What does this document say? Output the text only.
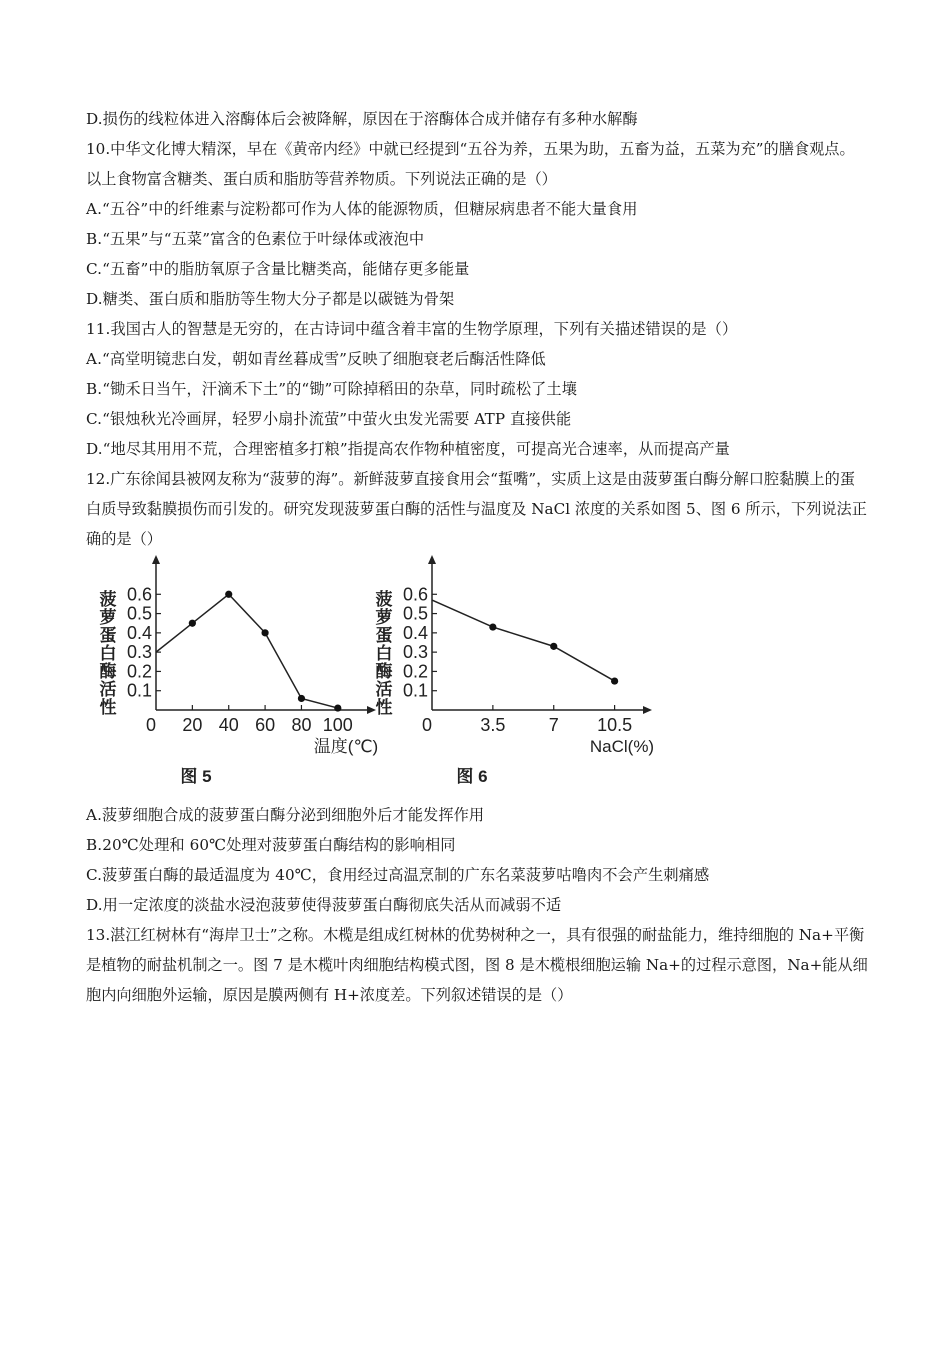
D.损伤的线粒体进入溶酶体后会被降解，原因在于溶酶体合成并储存有多种水解酶
10.中华文化博大精深，早在《黄帝内经》中就已经提到“五谷为养，五果为助，五畜为益，五菜为充”的膳食观点。以上食物富含糖类、蛋白质和脂肪等营养物质。下列说法正确的是（）
A.“五谷”中的纤维素与淀粉都可作为人体的能源物质，但糖尿病患者不能大量食用
B.“五果”与“五菜”富含的色素位于叶绿体或液泡中
C.“五畜”中的脂肪氧原子含量比糖类高，能储存更多能量
D.糖类、蛋白质和脂肪等生物大分子都是以碳链为骨架
11.我国古人的智慧是无穷的，在古诗词中蕴含着丰富的生物学原理，下列有关描述错误的是（）
A.“高堂明镜悲白发，朝如青丝暮成雪”反映了细胞衰老后酶活性降低
B.“锄禾日当午，汗滴禾下土”的“锄”可除掉稻田的杂草，同时疏松了土壤
C.“银烛秋光冷画屏，轻罗小扇扑流萤”中萤火虫发光需要 ATP 直接供能
D.“地尽其用用不荒，合理密植多打粮”指提高农作物种植密度，可提高光合速率，从而提高产量
12.广东徐闻县被网友称为“菠萝的海”。新鲜菠萝直接食用会“蜇嘴”，实质上这是由菠萝蛋白酶分解口腔黏膜上的蛋白质导致黏膜损伤而引发的。研究发现菠萝蛋白酶的活性与温度及 NaCl 浓度的关系如图 5、图 6 所示，下列说法正确的是（）
0.1
0.2
0.3
0.4
0.5
0.6
0 20 40 60 80 100
菠萝蛋白酶活性
温度(℃)
图 5
0.1
0.2
0.3
0.4
0.5
0.6
0	3.5 7 10.5
菠萝蛋白酶活性
NaCl(%)
图 6
A.菠萝细胞合成的菠萝蛋白酶分泌到细胞外后才能发挥作用
B.20℃处理和 60℃处理对菠萝蛋白酶结构的影响相同
C.菠萝蛋白酶的最适温度为 40℃，食用经过高温烹制的广东名菜菠萝咕噜肉不会产生刺痛感
D.用一定浓度的淡盐水浸泡菠萝使得菠萝蛋白酶彻底失活从而减弱不适
13.湛江红树林有“海岸卫士”之称。木榄是组成红树林的优势树种之一，具有很强的耐盐能力，维持细胞的 Na+平衡是植物的耐盐机制之一。图 7 是木榄叶肉细胞结构模式图，图 8 是木榄根细胞运输 Na+的过程示意图，Na+能从细胞内向细胞外运输，原因是膜两侧有 H+浓度差。下列叙述错误的是（）
